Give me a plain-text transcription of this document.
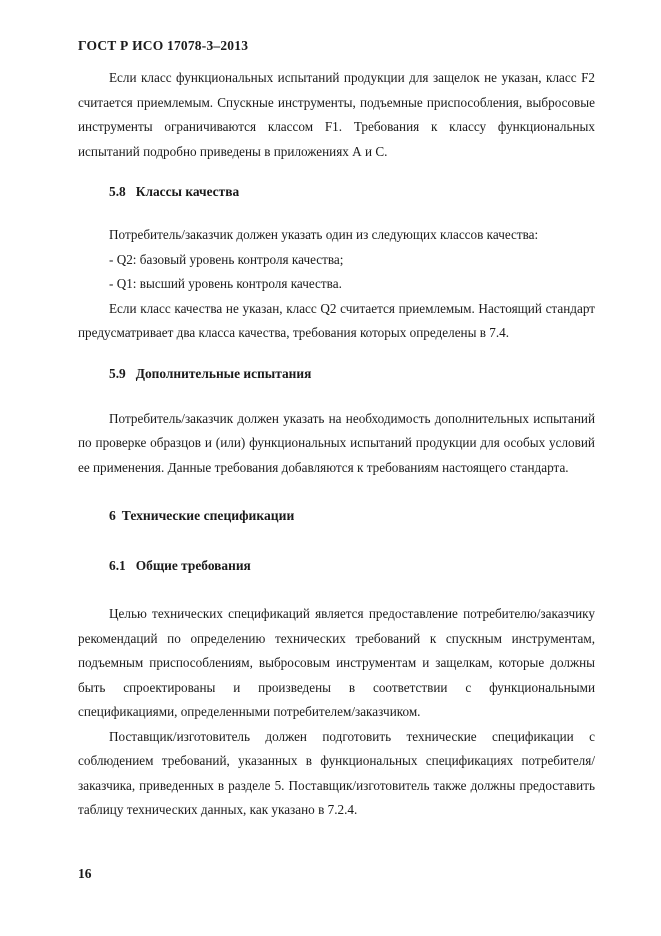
ГОСТ Р ИСО 17078-3–2013

Если класс функциональных испытаний продукции для защелок не указан, класс F2 считается приемлемым. Спускные инструменты, подъемные приспособления, выбросовые инструменты ограничиваются классом F1. Требования к классу функциональных испытаний подробно приведены в приложениях А и С.

5.8 Классы качества

Потребитель/заказчик должен указать один из следующих классов качества:

- Q2: базовый уровень контроля качества;

- Q1: высший уровень контроля качества.

Если класс качества не указан, класс Q2 считается приемлемым. Настоящий стандарт предусматривает два класса качества, требования которых определены в 7.4.

5.9 Дополнительные испытания

Потребитель/заказчик должен указать на необходимость дополнительных испытаний по проверке образцов и (или) функциональных испытаний продукции для особых условий ее применения. Данные требования добавляются к требованиям настоящего стандарта.

6 Технические спецификации
6.1 Общие требования

Целью технических спецификаций является предоставление потребителю/заказчику рекомендаций по определению технических требований к спускным инструментам, подъемным приспособлениям, выбросовым инструментам и защелкам, которые должны быть спроектированы и произведены в соответствии с функциональными спецификациями, определенными потребителем/заказчиком.

Поставщик/изготовитель должен подготовить технические спецификации с соблюдением требований, указанных в функциональных спецификациях потребителя/заказчика, приведенных в разделе 5. Поставщик/изготовитель также должны предоставить таблицу технических данных, как указано в 7.2.4.

16
